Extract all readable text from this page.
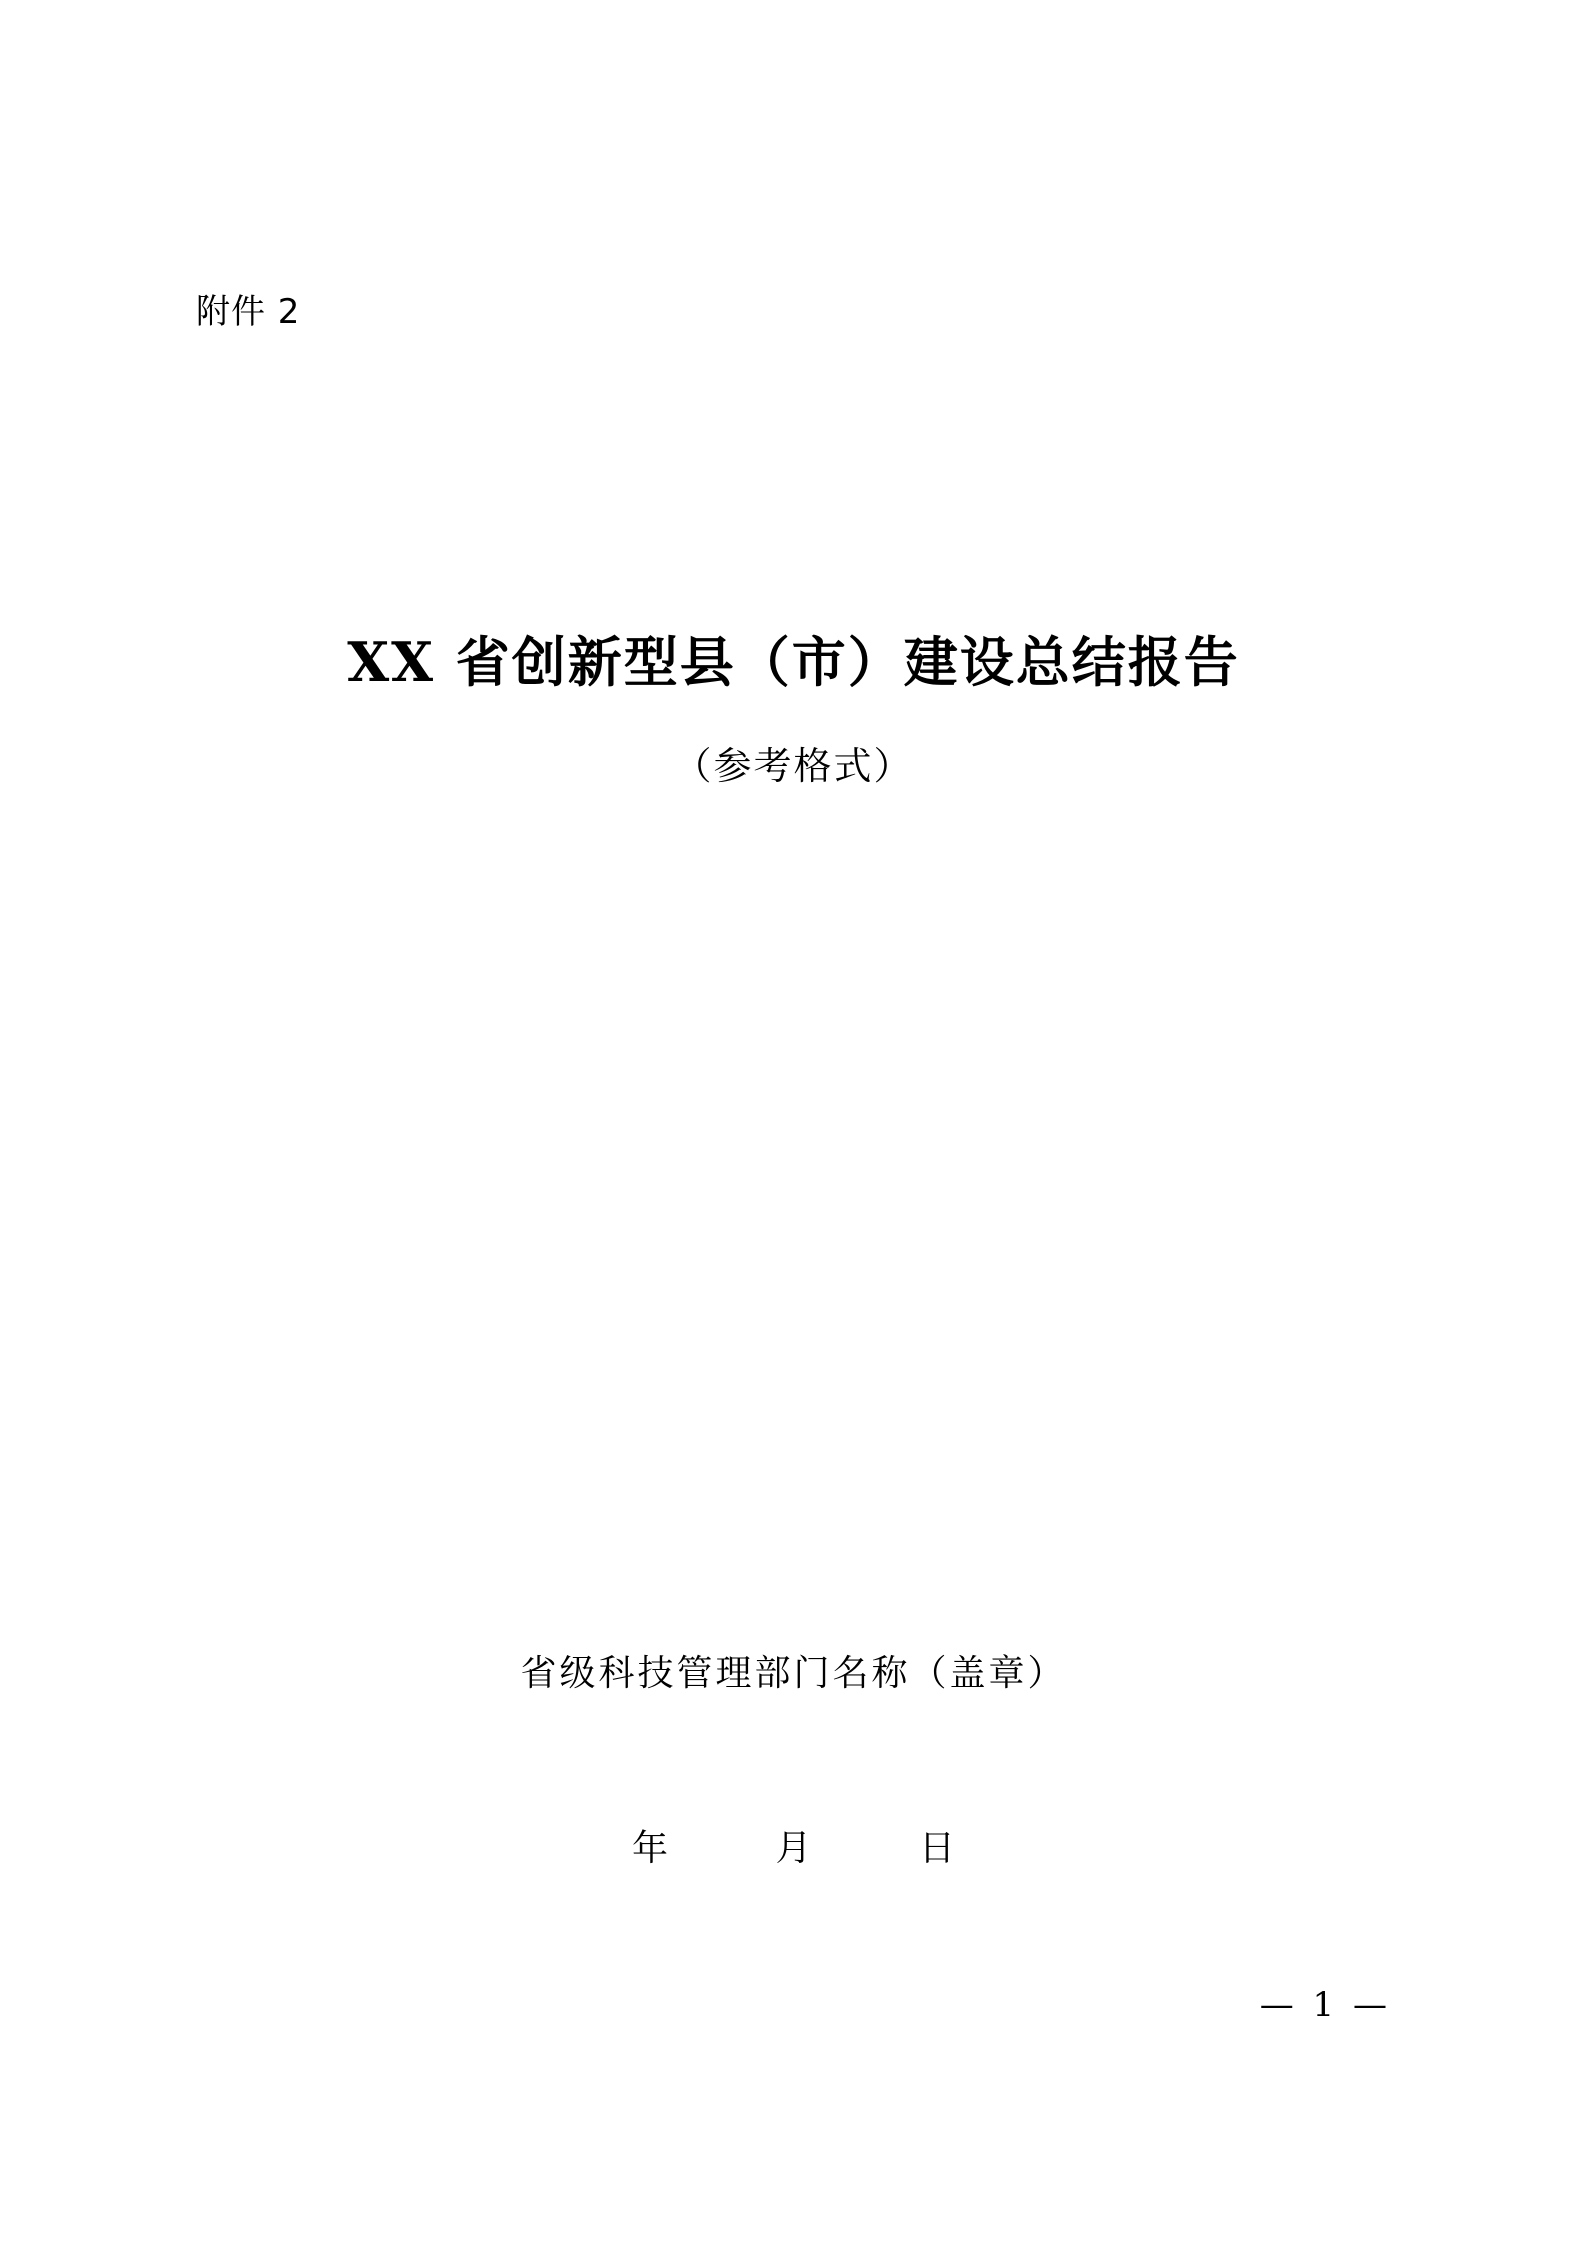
附件 2
XX 省创新型县（市）建设总结报告
（参考格式）
省级科技管理部门名称（盖章）
年	月	日
— 1 —
